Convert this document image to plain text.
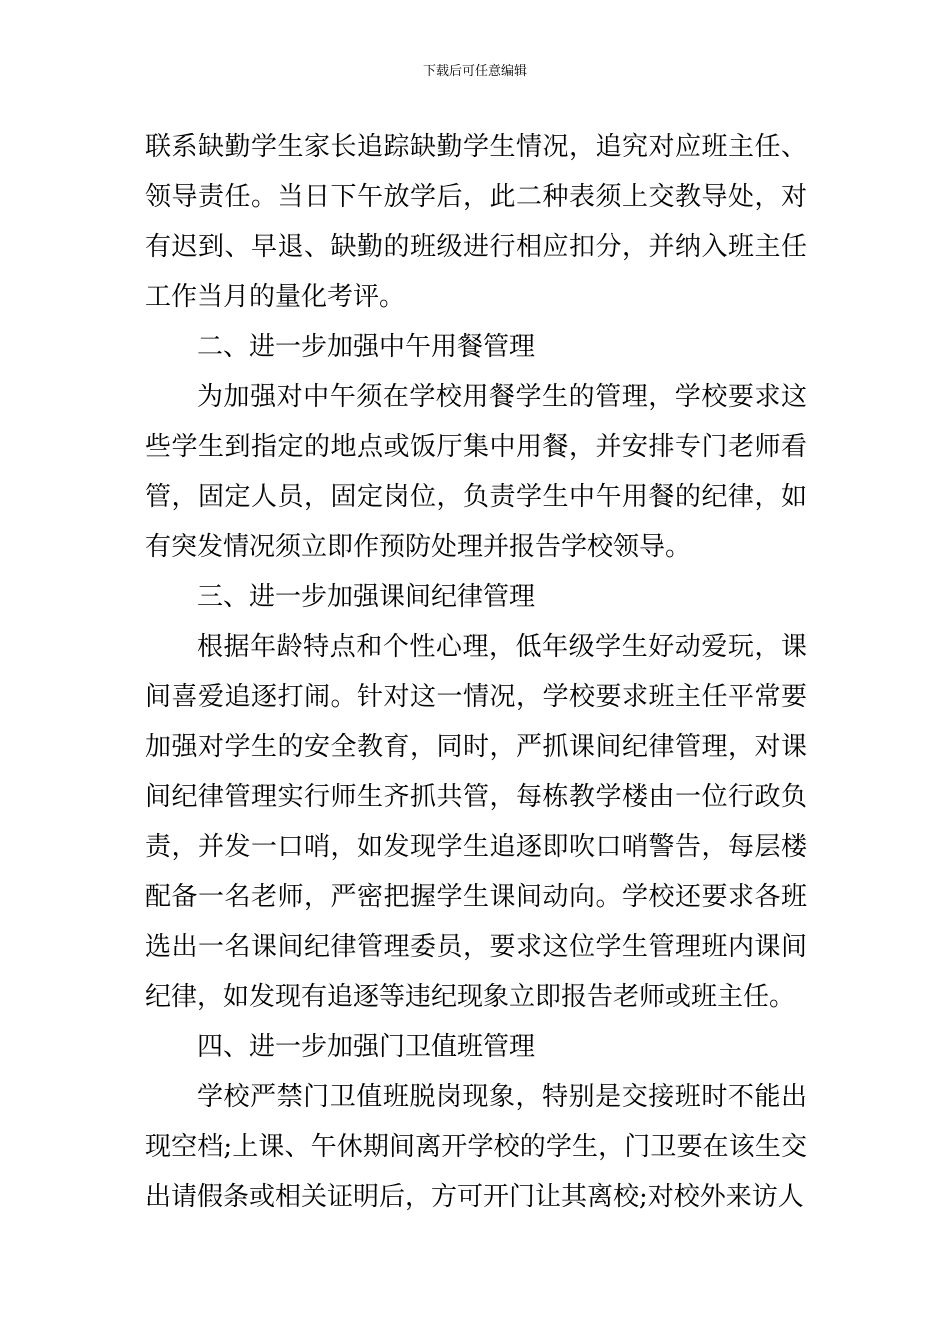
下载后可任意编辑

联系缺勤学生家长追踪缺勤学生情况，追究对应班主任、领导责任。当日下午放学后，此二种表须上交教导处，对有迟到、早退、缺勤的班级进行相应扣分，并纳入班主任工作当月的量化考评。

二、进一步加强中午用餐管理

为加强对中午须在学校用餐学生的管理，学校要求这些学生到指定的地点或饭厅集中用餐，并安排专门老师看管，固定人员，固定岗位，负责学生中午用餐的纪律，如有突发情况须立即作预防处理并报告学校领导。

三、进一步加强课间纪律管理

根据年龄特点和个性心理，低年级学生好动爱玩，课间喜爱追逐打闹。针对这一情况，学校要求班主任平常要加强对学生的安全教育，同时，严抓课间纪律管理，对课间纪律管理实行师生齐抓共管，每栋教学楼由一位行政负责，并发一口哨，如发现学生追逐即吹口哨警告，每层楼配备一名老师，严密把握学生课间动向。学校还要求各班选出一名课间纪律管理委员，要求这位学生管理班内课间纪律，如发现有追逐等违纪现象立即报告老师或班主任。

四、进一步加强门卫值班管理

学校严禁门卫值班脱岗现象，特别是交接班时不能出现空档;上课、午休期间离开学校的学生，门卫要在该生交出请假条或相关证明后，方可开门让其离校;对校外来访人
